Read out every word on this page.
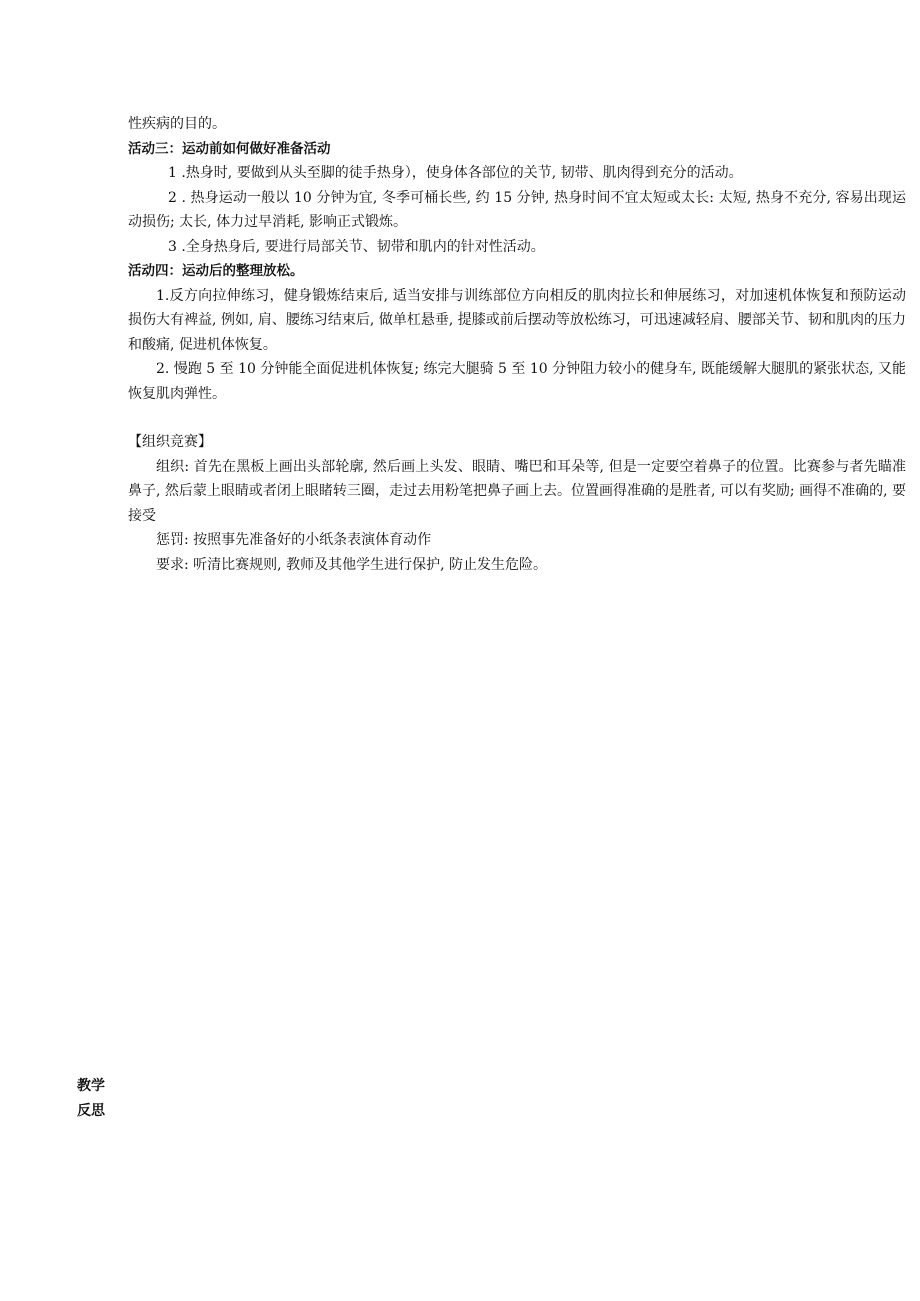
性疾病的目的。

活动三：运动前如何做好准备活动

1 .热身时, 要做到从头至脚的徒手热身），使身体各部位的关节, 韧带、肌肉得到充分的活动。

2 . 热身运动一般以 10 分钟为宜, 冬季可桶长些, 约 15 分钟, 热身时间不宜太短或太长: 太短, 热身不充分, 容易出现运动损伤; 太长, 体力过早消耗, 影响正式锻炼。

3 .全身热身后, 要进行局部关节、韧带和肌内的针对性活动。

活动四：运动后的整理放松。

1.反方向拉伸练习，健身锻炼结束后, 适当安排与训练部位方向相反的肌肉拉长和伸展练习，对加速机体恢复和预防运动损伤大有裨益, 例如, 肩、腰练习结束后, 做单杠悬垂, 提膝或前后摆动等放松练习，可迅速减轻肩、腰部关节、韧和肌肉的压力和酸痛, 促进机体恢复。

2. 慢跑 5 至 10 分钟能全面促进机体恢复; 练完大腿骑 5 至 10 分钟阻力较小的健身车, 既能缓解大腿肌的紧张状态, 又能恢复肌肉弹性。

【组织竞赛】

组织: 首先在黑板上画出头部轮廓, 然后画上头发、眼睛、嘴巴和耳朵等, 但是一定要空着鼻子的位置。比赛参与者先瞄准鼻子, 然后蒙上眼睛或者闭上眼睹转三圈，走过去用粉笔把鼻子画上去。位置画得准确的是胜者, 可以有奖励; 画得不准确的, 要接受

惩罚: 按照事先准备好的小纸条表演体育动作

要求: 听清比赛规则, 教师及其他学生进行保护, 防止发生危险。

教学
反思
